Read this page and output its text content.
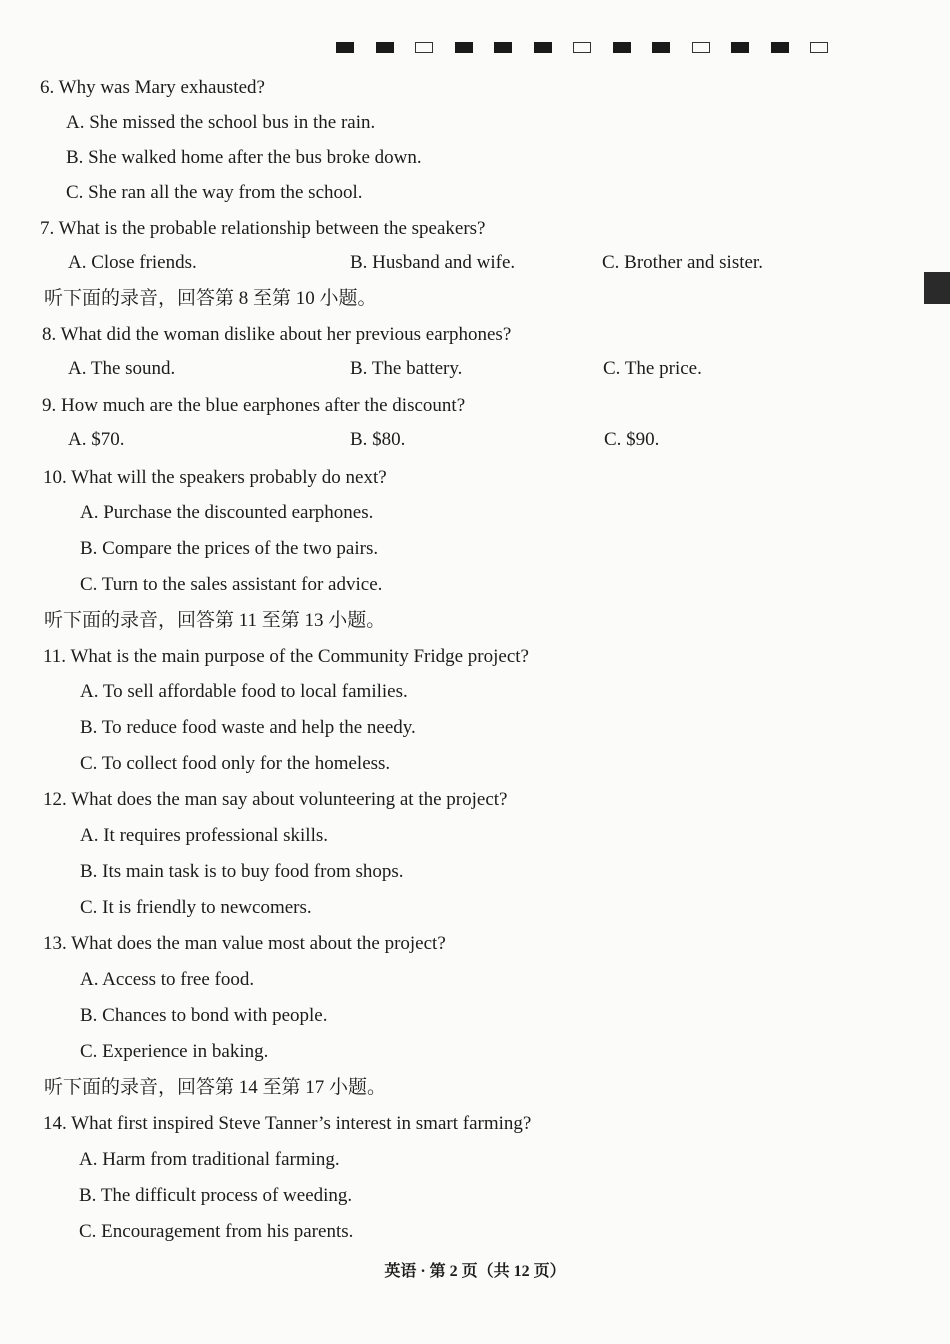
6. Why was Mary exhausted?
A. She missed the school bus in the rain.
B. She walked home after the bus broke down.
C. She ran all the way from the school.
7. What is the probable relationship between the speakers?
A. Close friends.	B. Husband and wife.	C. Brother and sister.
听下面的录音，回答第 8 至第 10 小题。
8. What did the woman dislike about her previous earphones?
A. The sound.	B. The battery.	C. The price.
9. How much are the blue earphones after the discount?
A. $70.	B. $80.	C. $90.
10. What will the speakers probably do next?
A. Purchase the discounted earphones.
B. Compare the prices of the two pairs.
C. Turn to the sales assistant for advice.
听下面的录音，回答第 11 至第 13 小题。
11. What is the main purpose of the Community Fridge project?
A. To sell affordable food to local families.
B. To reduce food waste and help the needy.
C. To collect food only for the homeless.
12. What does the man say about volunteering at the project?
A. It requires professional skills.
B. Its main task is to buy food from shops.
C. It is friendly to newcomers.
13. What does the man value most about the project?
A. Access to free food.
B. Chances to bond with people.
C. Experience in baking.
听下面的录音，回答第 14 至第 17 小题。
14. What first inspired Steve Tanner’s interest in smart farming?
A. Harm from traditional farming.
B. The difficult process of weeding.
C. Encouragement from his parents.
英语 · 第 2 页（共 12 页）
